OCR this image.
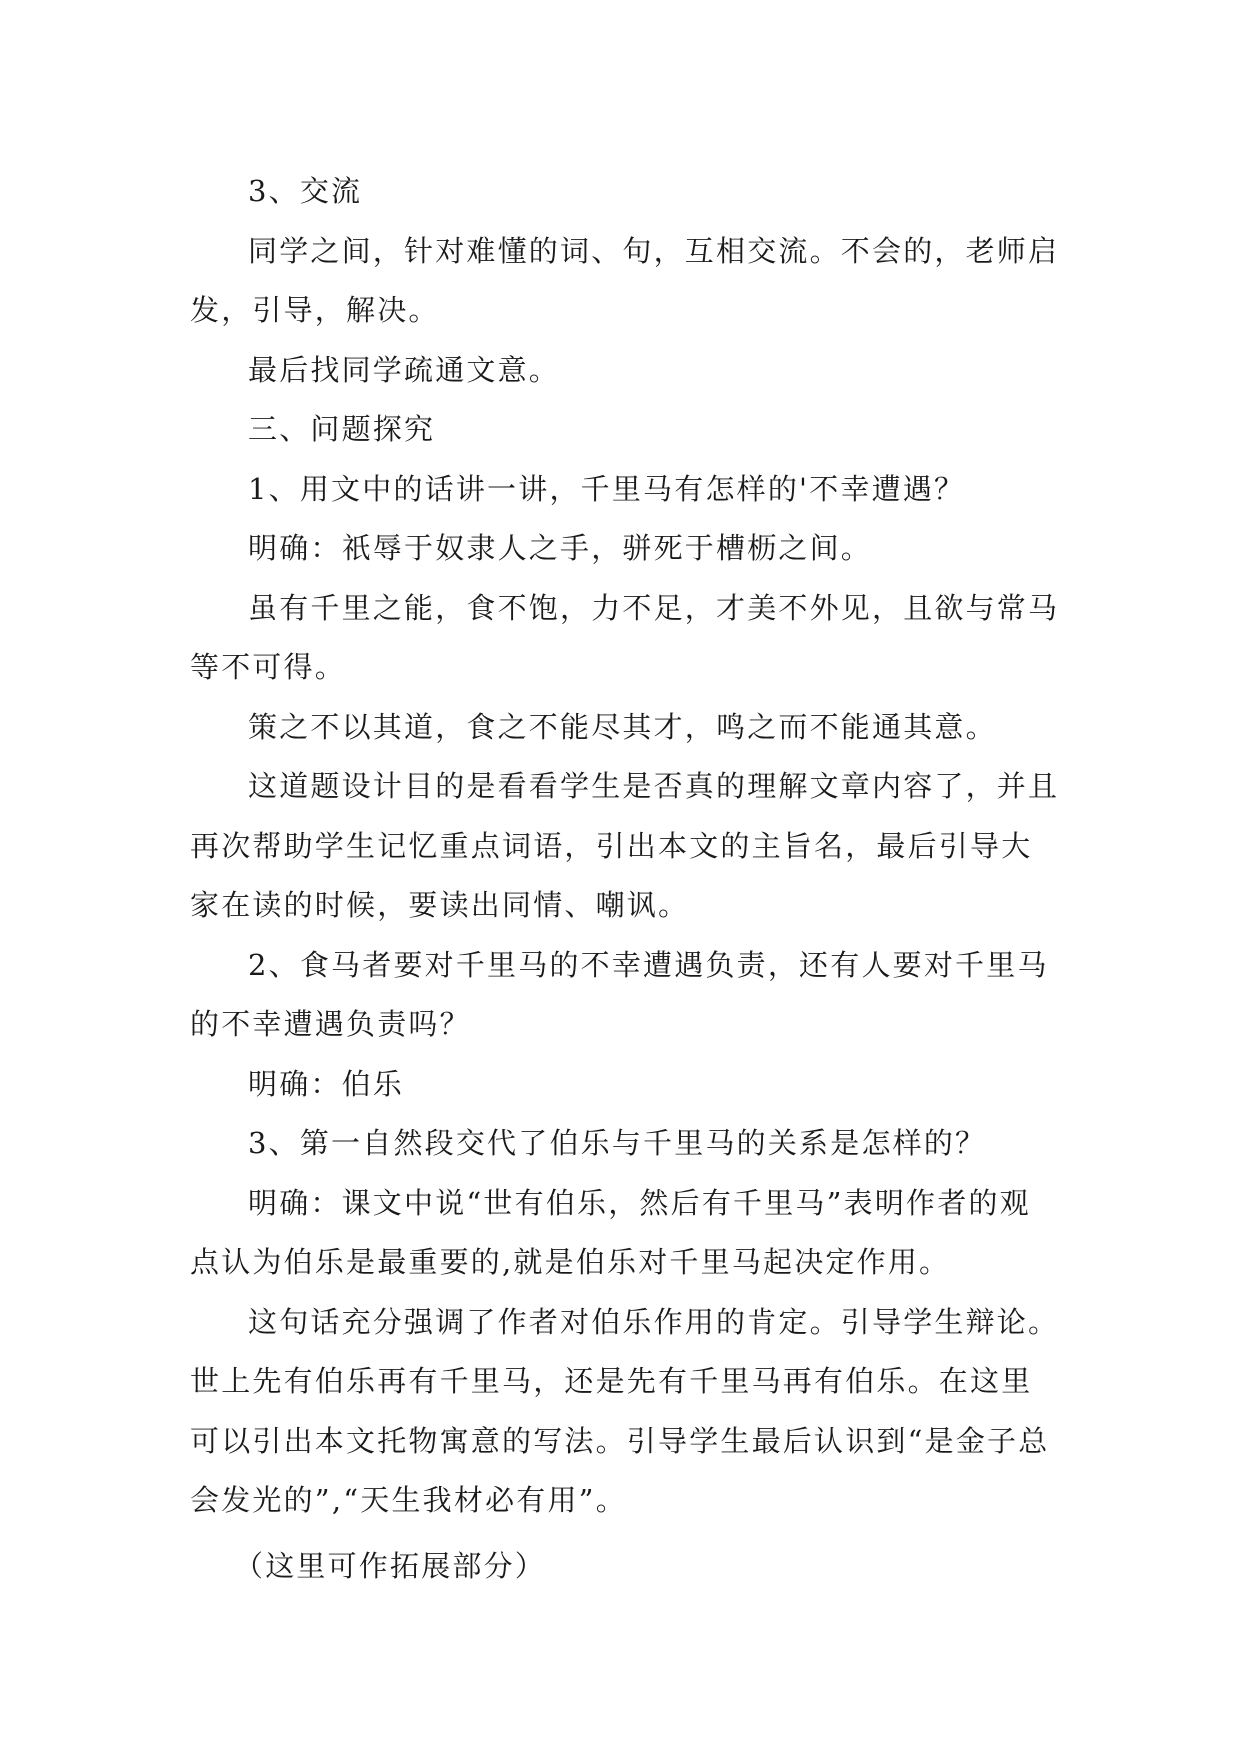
3、交流

同学之间，针对难懂的词、句，互相交流。不会的，老师启发，引导，解决。

最后找同学疏通文意。

三、问题探究

1、用文中的话讲一讲，千里马有怎样的'不幸遭遇？

明确：祇辱于奴隶人之手，骈死于槽枥之间。

虽有千里之能，食不饱，力不足，才美不外见，且欲与常马等不可得。

策之不以其道，食之不能尽其才，鸣之而不能通其意。

这道题设计目的是看看学生是否真的理解文章内容了，并且再次帮助学生记忆重点词语，引出本文的主旨名，最后引导大家在读的时候，要读出同情、嘲讽。

2、食马者要对千里马的不幸遭遇负责，还有人要对千里马的不幸遭遇负责吗？

明确：伯乐

3、第一自然段交代了伯乐与千里马的关系是怎样的？

明确：课文中说“世有伯乐，然后有千里马”表明作者的观点认为伯乐是最重要的,就是伯乐对千里马起决定作用。

这句话充分强调了作者对伯乐作用的肯定。引导学生辩论。世上先有伯乐再有千里马，还是先有千里马再有伯乐。在这里可以引出本文托物寓意的写法。引导学生最后认识到“是金子总会发光的”,“天生我材必有用”。

（这里可作拓展部分）
